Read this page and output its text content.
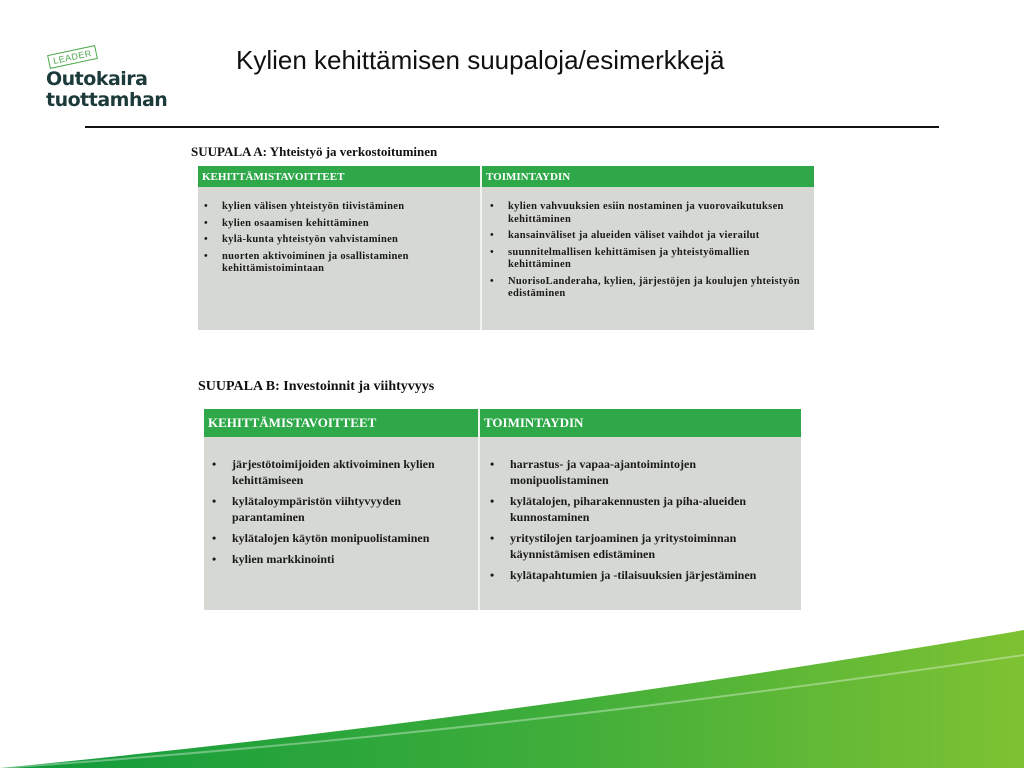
LEADER
Outokaira
tuottamhan
Kylien kehittämisen suupaloja/esimerkkejä
SUUPALA A: Yhteistyö ja verkostoituminen
KEHITTÄMISTAVOITTEET	TOIMINTAYDIN
• kylien välisen yhteistyön tiivistäminen
• kylien osaamisen kehittäminen
• kylä-kunta yhteistyön vahvistaminen
• nuorten aktivoiminen ja osallistaminen kehittämistoimintaan
• kylien vahvuuksien esiin nostaminen ja vuorovaikutuksen kehittäminen
• kansainväliset ja alueiden väliset vaihdot ja vierailut
• suunnitelmallisen kehittämisen ja yhteistyömallien kehittäminen
• NuorisoLanderaha, kylien, järjestöjen ja koulujen yhteistyön edistäminen
SUUPALA B: Investoinnit ja viihtyvyys
KEHITTÄMISTAVOITTEET	TOIMINTAYDIN
• järjestötoimijoiden aktivoiminen kylien kehittämiseen
• kylätaloympäristön viihtyvyyden parantaminen
• kylätalojen käytön monipuolistaminen
• kylien markkinointi
• harrastus- ja vapaa-ajantoimintojen monipuolistaminen
• kylätalojen, piharakennusten ja piha-alueiden kunnostaminen
• yritystilojen tarjoaminen ja yritystoiminnan käynnistämisen edistäminen
• kylätapahtumien ja -tilaisuuksien järjestäminen
